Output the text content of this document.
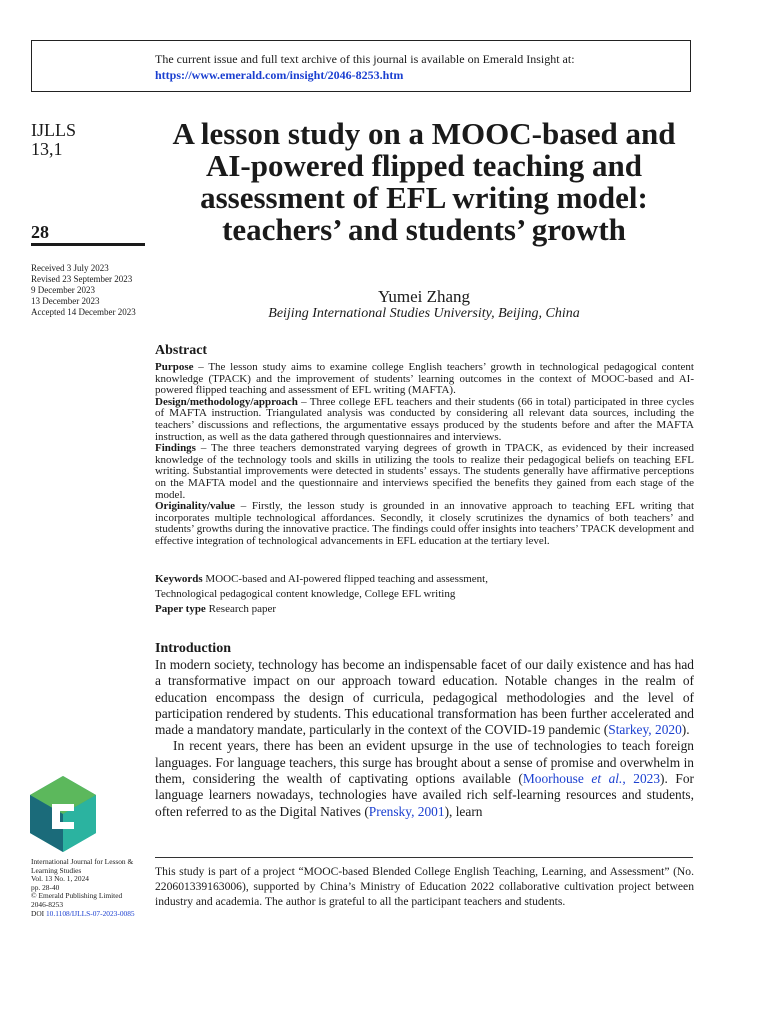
The current issue and full text archive of this journal is available on Emerald Insight at:
https://www.emerald.com/insight/2046-8253.htm
IJLLS
13,1
28
Received 3 July 2023
Revised 23 September 2023
9 December 2023
13 December 2023
Accepted 14 December 2023
A lesson study on a MOOC-based and AI-powered flipped teaching and assessment of EFL writing model: teachers’ and students’ growth
Yumei Zhang
Beijing International Studies University, Beijing, China
Abstract

Purpose – The lesson study aims to examine college English teachers’ growth in technological pedagogical content knowledge (TPACK) and the improvement of students’ learning outcomes in the context of MOOC-based and AI-powered flipped teaching and assessment of EFL writing (MAFTA).

Design/methodology/approach – Three college EFL teachers and their students (66 in total) participated in three cycles of MAFTA instruction. Triangulated analysis was conducted by considering all relevant data sources, including the teachers’ discussions and reflections, the argumentative essays produced by the students before and after the MAFTA instruction, as well as the data gathered through questionnaires and interviews.

Findings – The three teachers demonstrated varying degrees of growth in TPACK, as evidenced by their increased knowledge of the technology tools and skills in utilizing the tools to realize their pedagogical beliefs on teaching EFL writing. Substantial improvements were detected in students’ essays. The students generally have affirmative perceptions on the MAFTA model and the questionnaire and interviews specified the benefits they gained from each stage of the model.

Originality/value – Firstly, the lesson study is grounded in an innovative approach to teaching EFL writing that incorporates multiple technological affordances. Secondly, it closely scrutinizes the dynamics of both teachers’ and students’ growths during the innovative practice. The findings could offer insights into teachers’ TPACK development and effective integration of technological advancements in EFL education at the tertiary level.

Keywords MOOC-based and AI-powered flipped teaching and assessment,
Technological pedagogical content knowledge, College EFL writing
Paper type Research paper
Introduction

In modern society, technology has become an indispensable facet of our daily existence and has had a transformative impact on our approach toward education. Notable changes in the realm of education encompass the design of curricula, pedagogical methodologies and the level of participation rendered by students. This educational transformation has been further accelerated and made a mandatory mandate, particularly in the context of the COVID-19 pandemic (Starkey, 2020).

In recent years, there has been an evident upsurge in the use of technologies to teach foreign languages. For language teachers, this surge has brought about a sense of promise and overwhelm in them, considering the wealth of captivating options available (Moorhouse et al., 2023). For language learners nowadays, technologies have availed rich self-learning resources and students, often referred to as the Digital Natives (Prensky, 2001), learn

International Journal for Lesson &
Learning Studies
Vol. 13 No. 1, 2024
pp. 28-40
© Emerald Publishing Limited
2046-8253
DOI 10.1108/IJLLS-07-2023-0085
This study is part of a project “MOOC-based Blended College English Teaching, Learning, and Assessment” (No. 220601339163006), supported by China’s Ministry of Education 2022 collaborative cultivation project between industry and academia. The author is grateful to all the participant teachers and students.
